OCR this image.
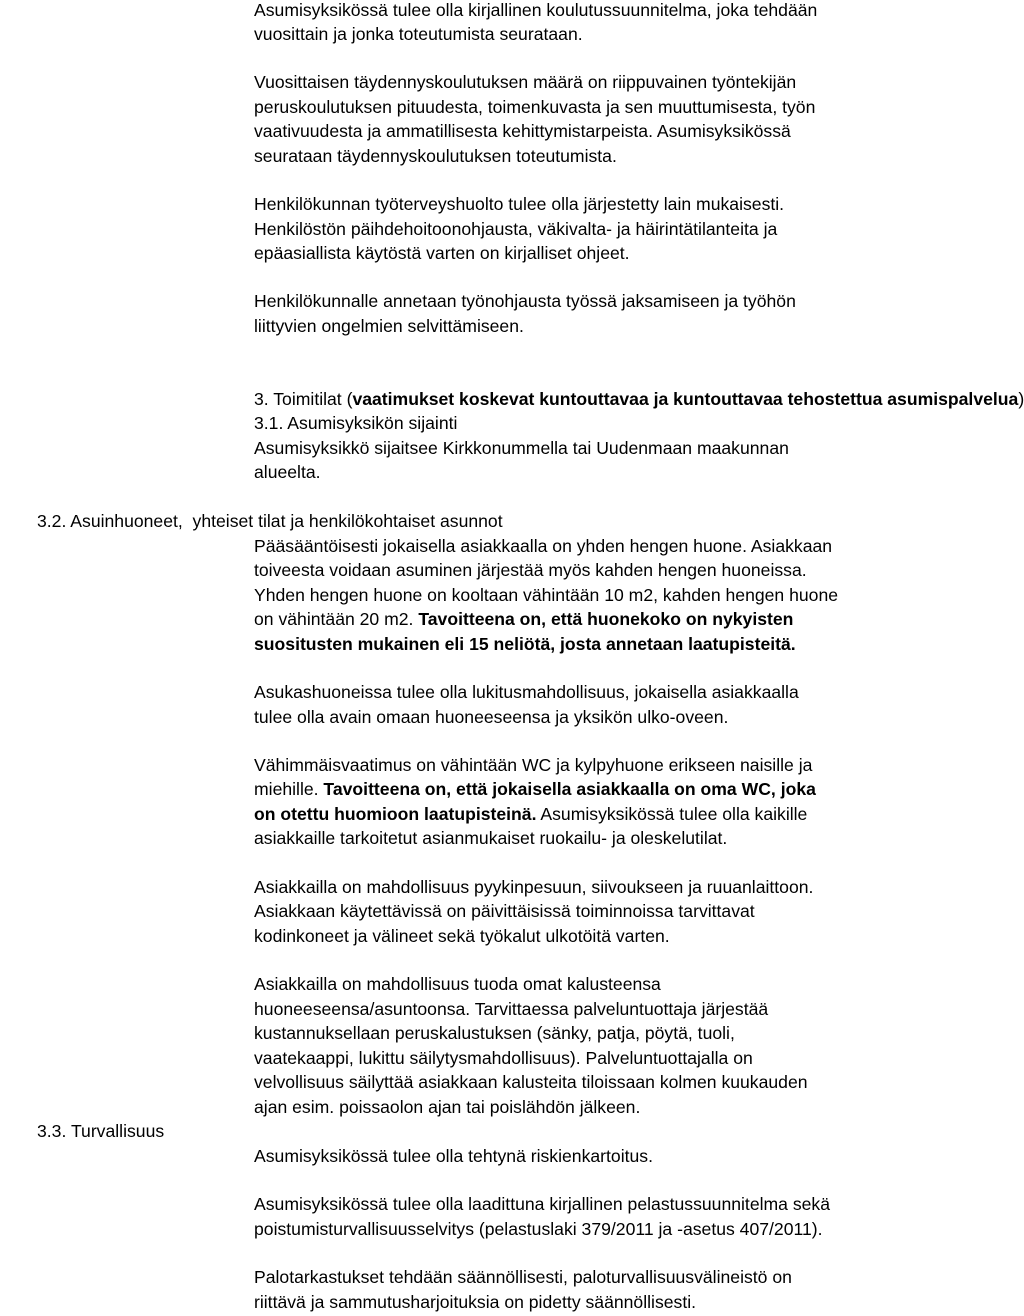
Asumisyksikössä tulee olla kirjallinen koulutussuunnitelma, joka tehdään
vuosittain ja jonka toteutumista seurataan.
Vuosittaisen täydennyskoulutuksen määrä on riippuvainen työntekijän
peruskoulutuksen pituudesta, toimenkuvasta ja sen muuttumisesta, työn
vaativuudesta ja ammatillisesta kehittymistarpeista. Asumisyksikössä
seurataan täydennyskoulutuksen toteutumista.
Henkilökunnan työterveyshuolto tulee olla järjestetty lain mukaisesti.
Henkilöstön päihdehoitoonohjausta, väkivalta- ja häirintätilanteita ja
epäasiallista käytöstä varten on kirjalliset ohjeet.
Henkilökunnalle annetaan työnohjausta työssä jaksamiseen ja työhön
liittyvien ongelmien selvittämiseen.
3. Toimitilat (vaatimukset koskevat kuntouttavaa ja kuntouttavaa tehostettua asumispalvelua)
3.1. Asumisyksikön sijainti
Asumisyksikkö sijaitsee Kirkkonummella tai Uudenmaan maakunnan
alueelta.
3.2. Asuinhuoneet,  yhteiset tilat ja henkilökohtaiset asunnot
Pääsääntöisesti jokaisella asiakkaalla on yhden hengen huone. Asiakkaan
toiveesta voidaan asuminen järjestää myös kahden hengen huoneissa.
Yhden hengen huone on kooltaan vähintään 10 m2, kahden hengen huone
on vähintään 20 m2. Tavoitteena on, että huonekoko on nykyisten
suositusten mukainen eli 15 neliötä, josta annetaan laatupisteitä.
Asukashuoneissa tulee olla lukitusmahdollisuus, jokaisella asiakkaalla
tulee olla avain omaan huoneeseensa ja yksikön ulko-oveen.
Vähimmäisvaatimus on vähintään WC ja kylpyhuone erikseen naisille ja
miehille. Tavoitteena on, että jokaisella asiakkaalla on oma WC, joka
on otettu huomioon laatupisteinä. Asumisyksikössä tulee olla kaikille
asiakkaille tarkoitetut asianmukaiset ruokailu- ja oleskelutilat.
Asiakkailla on mahdollisuus pyykinpesuun, siivoukseen ja ruuanlaittoon.
Asiakkaan käytettävissä on päivittäisissä toiminnoissa tarvittavat
kodinkoneet ja välineet sekä työkalut ulkotöitä varten.
Asiakkailla on mahdollisuus tuoda omat kalusteensa
huoneeseensa/asuntoonsa. Tarvittaessa palveluntuottaja järjestää
kustannuksellaan peruskalustuksen (sänky, patja, pöytä, tuoli,
vaatekaappi, lukittu säilytysmahdollisuus). Palveluntuottajalla on
velvollisuus säilyttää asiakkaan kalusteita tiloissaan kolmen kuukauden
ajan esim. poissaolon ajan tai poislähdön jälkeen.
3.3. Turvallisuus
Asumisyksikössä tulee olla tehtynä riskienkartoitus.
Asumisyksikössä tulee olla laadittuna kirjallinen pelastussuunnitelma sekä
poistumisturvallisuusselvitys (pelastuslaki 379/2011 ja -asetus 407/2011).
Palotarkastukset tehdään säännöllisesti, paloturvallisuusvälineistö on
riittävä ja sammutusharjoituksia on pidetty säännöllisesti.
